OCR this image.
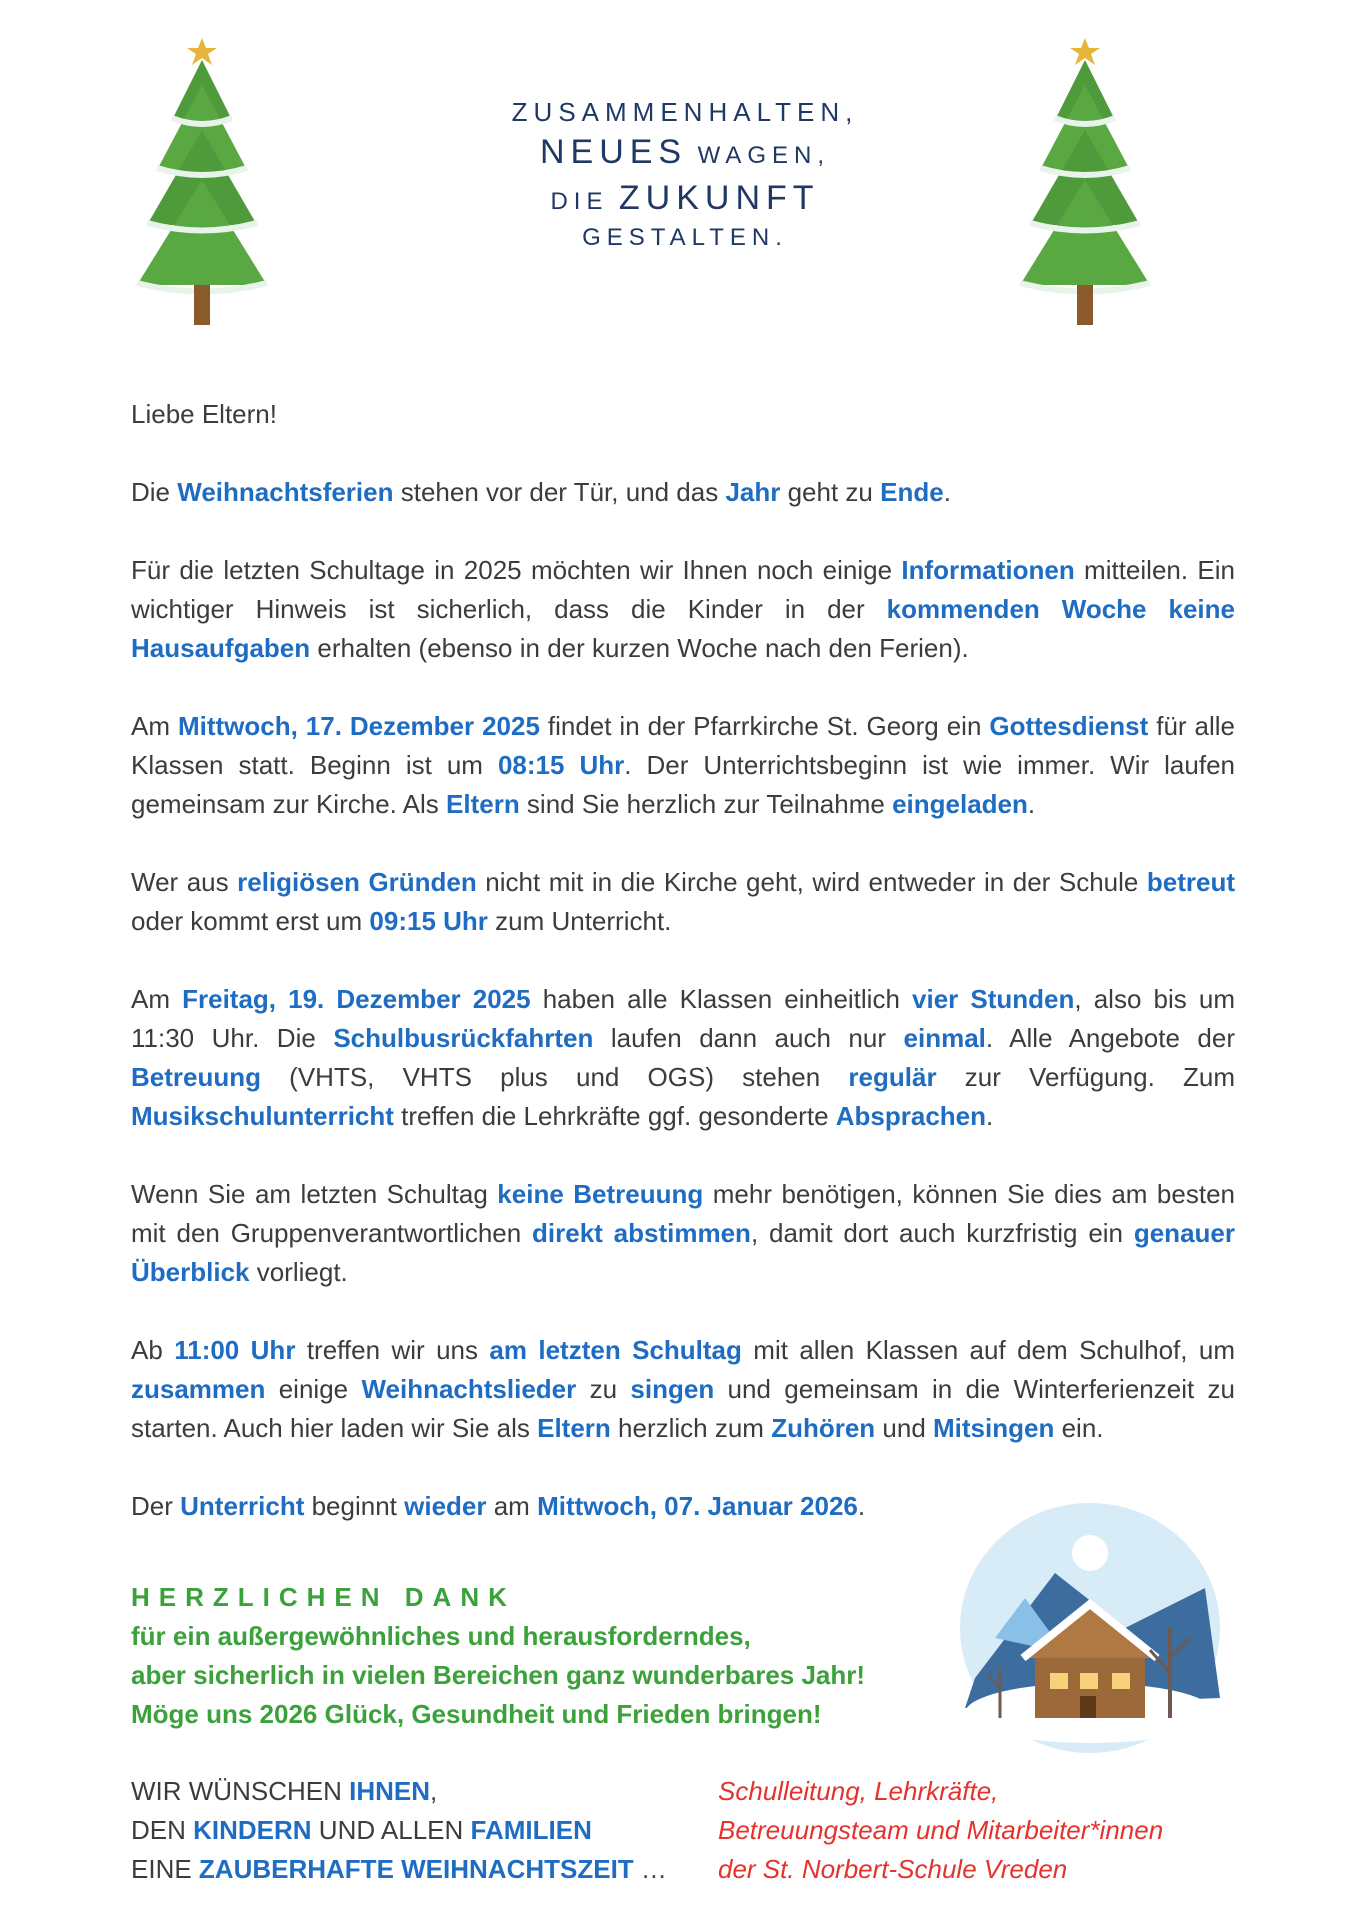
ZUSAMMENHALTEN,
NEUES WAGEN,
DIE ZUKUNFT
GESTALTEN.

Liebe Eltern!

Die Weihnachtsferien stehen vor der Tür, und das Jahr geht zu Ende.

Für die letzten Schultage in 2025 möchten wir Ihnen noch einige Informationen mitteilen. Ein wichtiger Hinweis ist sicherlich, dass die Kinder in der kommenden Woche keine Hausaufgaben erhalten (ebenso in der kurzen Woche nach den Ferien).

Am Mittwoch, 17. Dezember 2025 findet in der Pfarrkirche St. Georg ein Gottesdienst für alle Klassen statt. Beginn ist um 08:15 Uhr. Der Unterrichtsbeginn ist wie immer. Wir laufen gemeinsam zur Kirche. Als Eltern sind Sie herzlich zur Teilnahme eingeladen.

Wer aus religiösen Gründen nicht mit in die Kirche geht, wird entweder in der Schule betreut oder kommt erst um 09:15 Uhr zum Unterricht.

Am Freitag, 19. Dezember 2025 haben alle Klassen einheitlich vier Stunden, also bis um 11:30 Uhr. Die Schulbusrückfahrten laufen dann auch nur einmal. Alle Angebote der Betreuung (VHTS, VHTS plus und OGS) stehen regulär zur Verfügung. Zum Musikschulunterricht treffen die Lehrkräfte ggf. gesonderte Absprachen.

Wenn Sie am letzten Schultag keine Betreuung mehr benötigen, können Sie dies am besten mit den Gruppenverantwortlichen direkt abstimmen, damit dort auch kurzfristig ein genauer Überblick vorliegt.

Ab 11:00 Uhr treffen wir uns am letzten Schultag mit allen Klassen auf dem Schulhof, um zusammen einige Weihnachtslieder zu singen und gemeinsam in die Winterferienzeit zu starten. Auch hier laden wir Sie als Eltern herzlich zum Zuhören und Mitsingen ein.

Der Unterricht beginnt wieder am Mittwoch, 07. Januar 2026.

HERZLICHEN DANK
für ein außergewöhnliches und herausforderndes,
aber sicherlich in vielen Bereichen ganz wunderbares Jahr!
Möge uns 2026 Glück, Gesundheit und Frieden bringen!
WIR WÜNSCHEN IHNEN,
DEN KINDERN UND ALLEN FAMILIEN
EINE ZAUBERHAFTE WEIHNACHTSZEIT …
Schulleitung, Lehrkräfte,
Betreuungsteam und Mitarbeiter*innen
der St. Norbert-Schule Vreden
